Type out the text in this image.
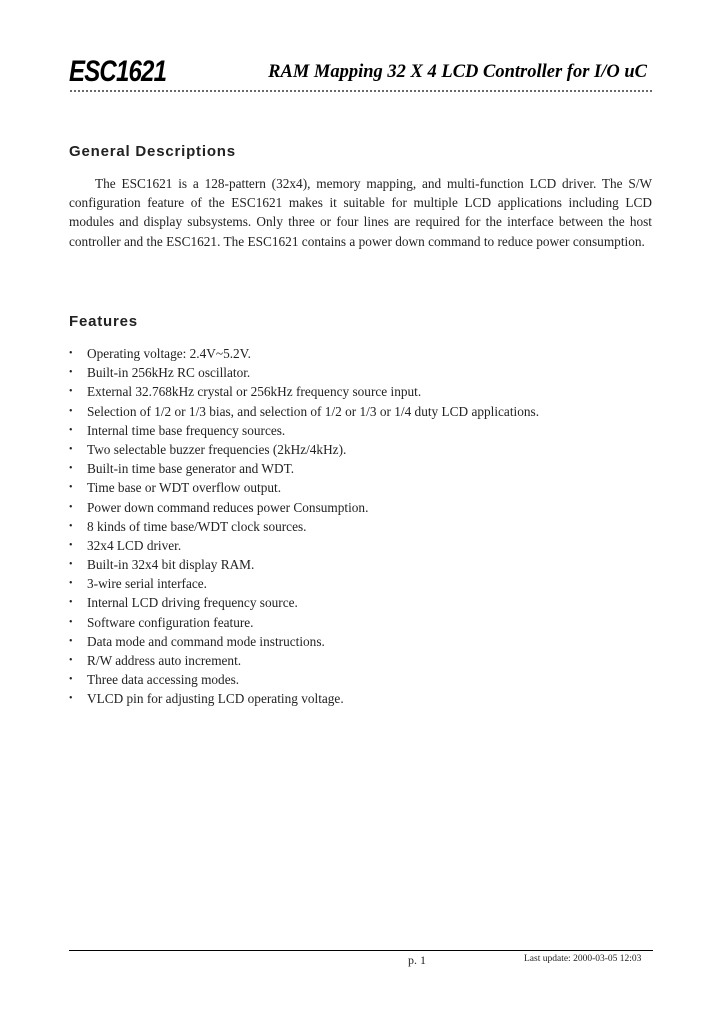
ESC1621	RAM Mapping 32 X 4 LCD Controller for I/O uC
General Descriptions

The ESC1621 is a 128-pattern (32x4), memory mapping, and multi-function LCD driver. The S/W configuration feature of the ESC1621 makes it suitable for multiple LCD applications including LCD modules and display subsystems. Only three or four lines are required for the interface between the host controller and the ESC1621. The ESC1621 contains a power down command to reduce power consumption.

Features
• Operating voltage: 2.4V~5.2V.
• Built-in 256kHz RC oscillator.
• External 32.768kHz crystal or 256kHz frequency source input.
• Selection of 1/2 or 1/3 bias, and selection of 1/2 or 1/3 or 1/4 duty LCD applications.
• Internal time base frequency sources.
• Two selectable buzzer frequencies (2kHz/4kHz).
• Built-in time base generator and WDT.
• Time base or WDT overflow output.
• Power down command reduces power Consumption.
• 8 kinds of time base/WDT clock sources.
• 32x4 LCD driver.
• Built-in 32x4 bit display RAM.
• 3-wire serial interface.
• Internal LCD driving frequency source.
• Software configuration feature.
• Data mode and command mode instructions.
• R/W address auto increment.
• Three data accessing modes.
• VLCD pin for adjusting LCD operating voltage.
p. 1	Last update: 2000-03-05 12:03
